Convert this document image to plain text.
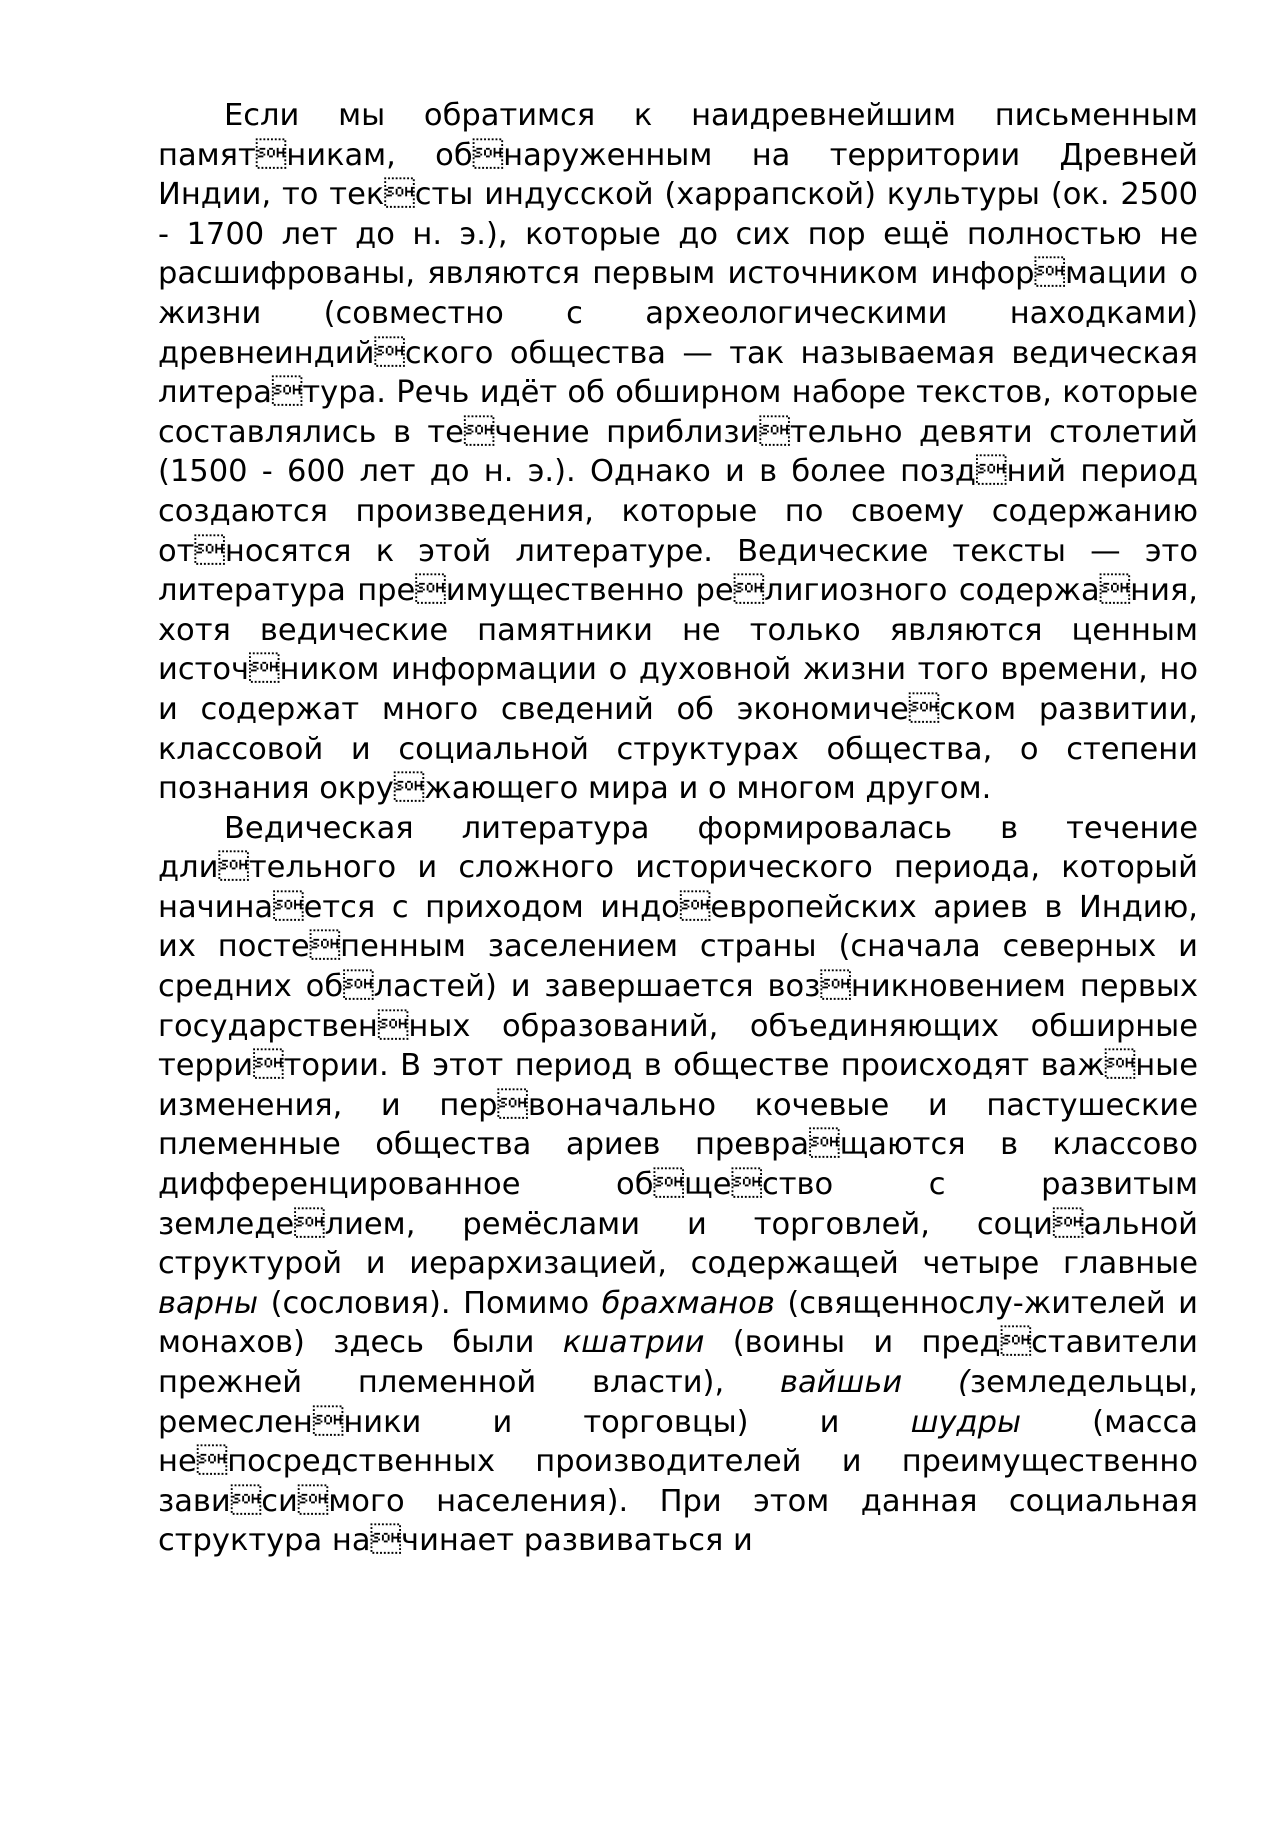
Если мы обратимся к наидревнейшим письменным памятникам, обнаруженным на территории Древней Индии, то тексты индусской (харрапской) культуры (ок. 2500 - 1700 лет до н. э.), которые до сих пор ещё полностью не расшифрованы, являются первым источником информации о жизни (совместно с археологическими находками) древнеиндийского общества — так называемая ведическая литература. Речь идёт об обширном наборе текстов, которые составлялись в течение приблизительно девяти столетий (1500 - 600 лет до н. э.). Однако и в более поздний период создаются произведения, которые по своему содержанию относятся к этой литературе. Ведические тексты — это литература преимущественно религиозного содержания, хотя ведические памятники не только являются ценным источником информации о духовной жизни того времени, но и содержат много сведений об экономическом развитии, классовой и социальной структурах общества, о степени познания окружающего мира и о многом другом.

Ведическая литература формировалась в течение длительного и сложного исторического периода, который начинается с приходом индоевропейских ариев в Индию, их постепенным заселением страны (сначала северных и средних областей) и завершается возникновением первых государственных образований, объединяющих обширные территории. В этот период в обществе происходят важные изменения, и первоначально кочевые и пастушеские племенные общества ариев превращаются в классово дифференцированное общество с развитым земледелием, ремёслами и торговлей, социальной структурой и иерархизацией, содержащей четыре главные варны (сословия). Помимо брахманов (священнослу-жителей и монахов) здесь были кшатрии (воины и представители прежней племенной власти), вайшьи (земледельцы, ремесленники и торговцы) и шудры (масса непосредственных производителей и преимущественно зависимого населения). При этом данная социальная структура начинает развиваться и
